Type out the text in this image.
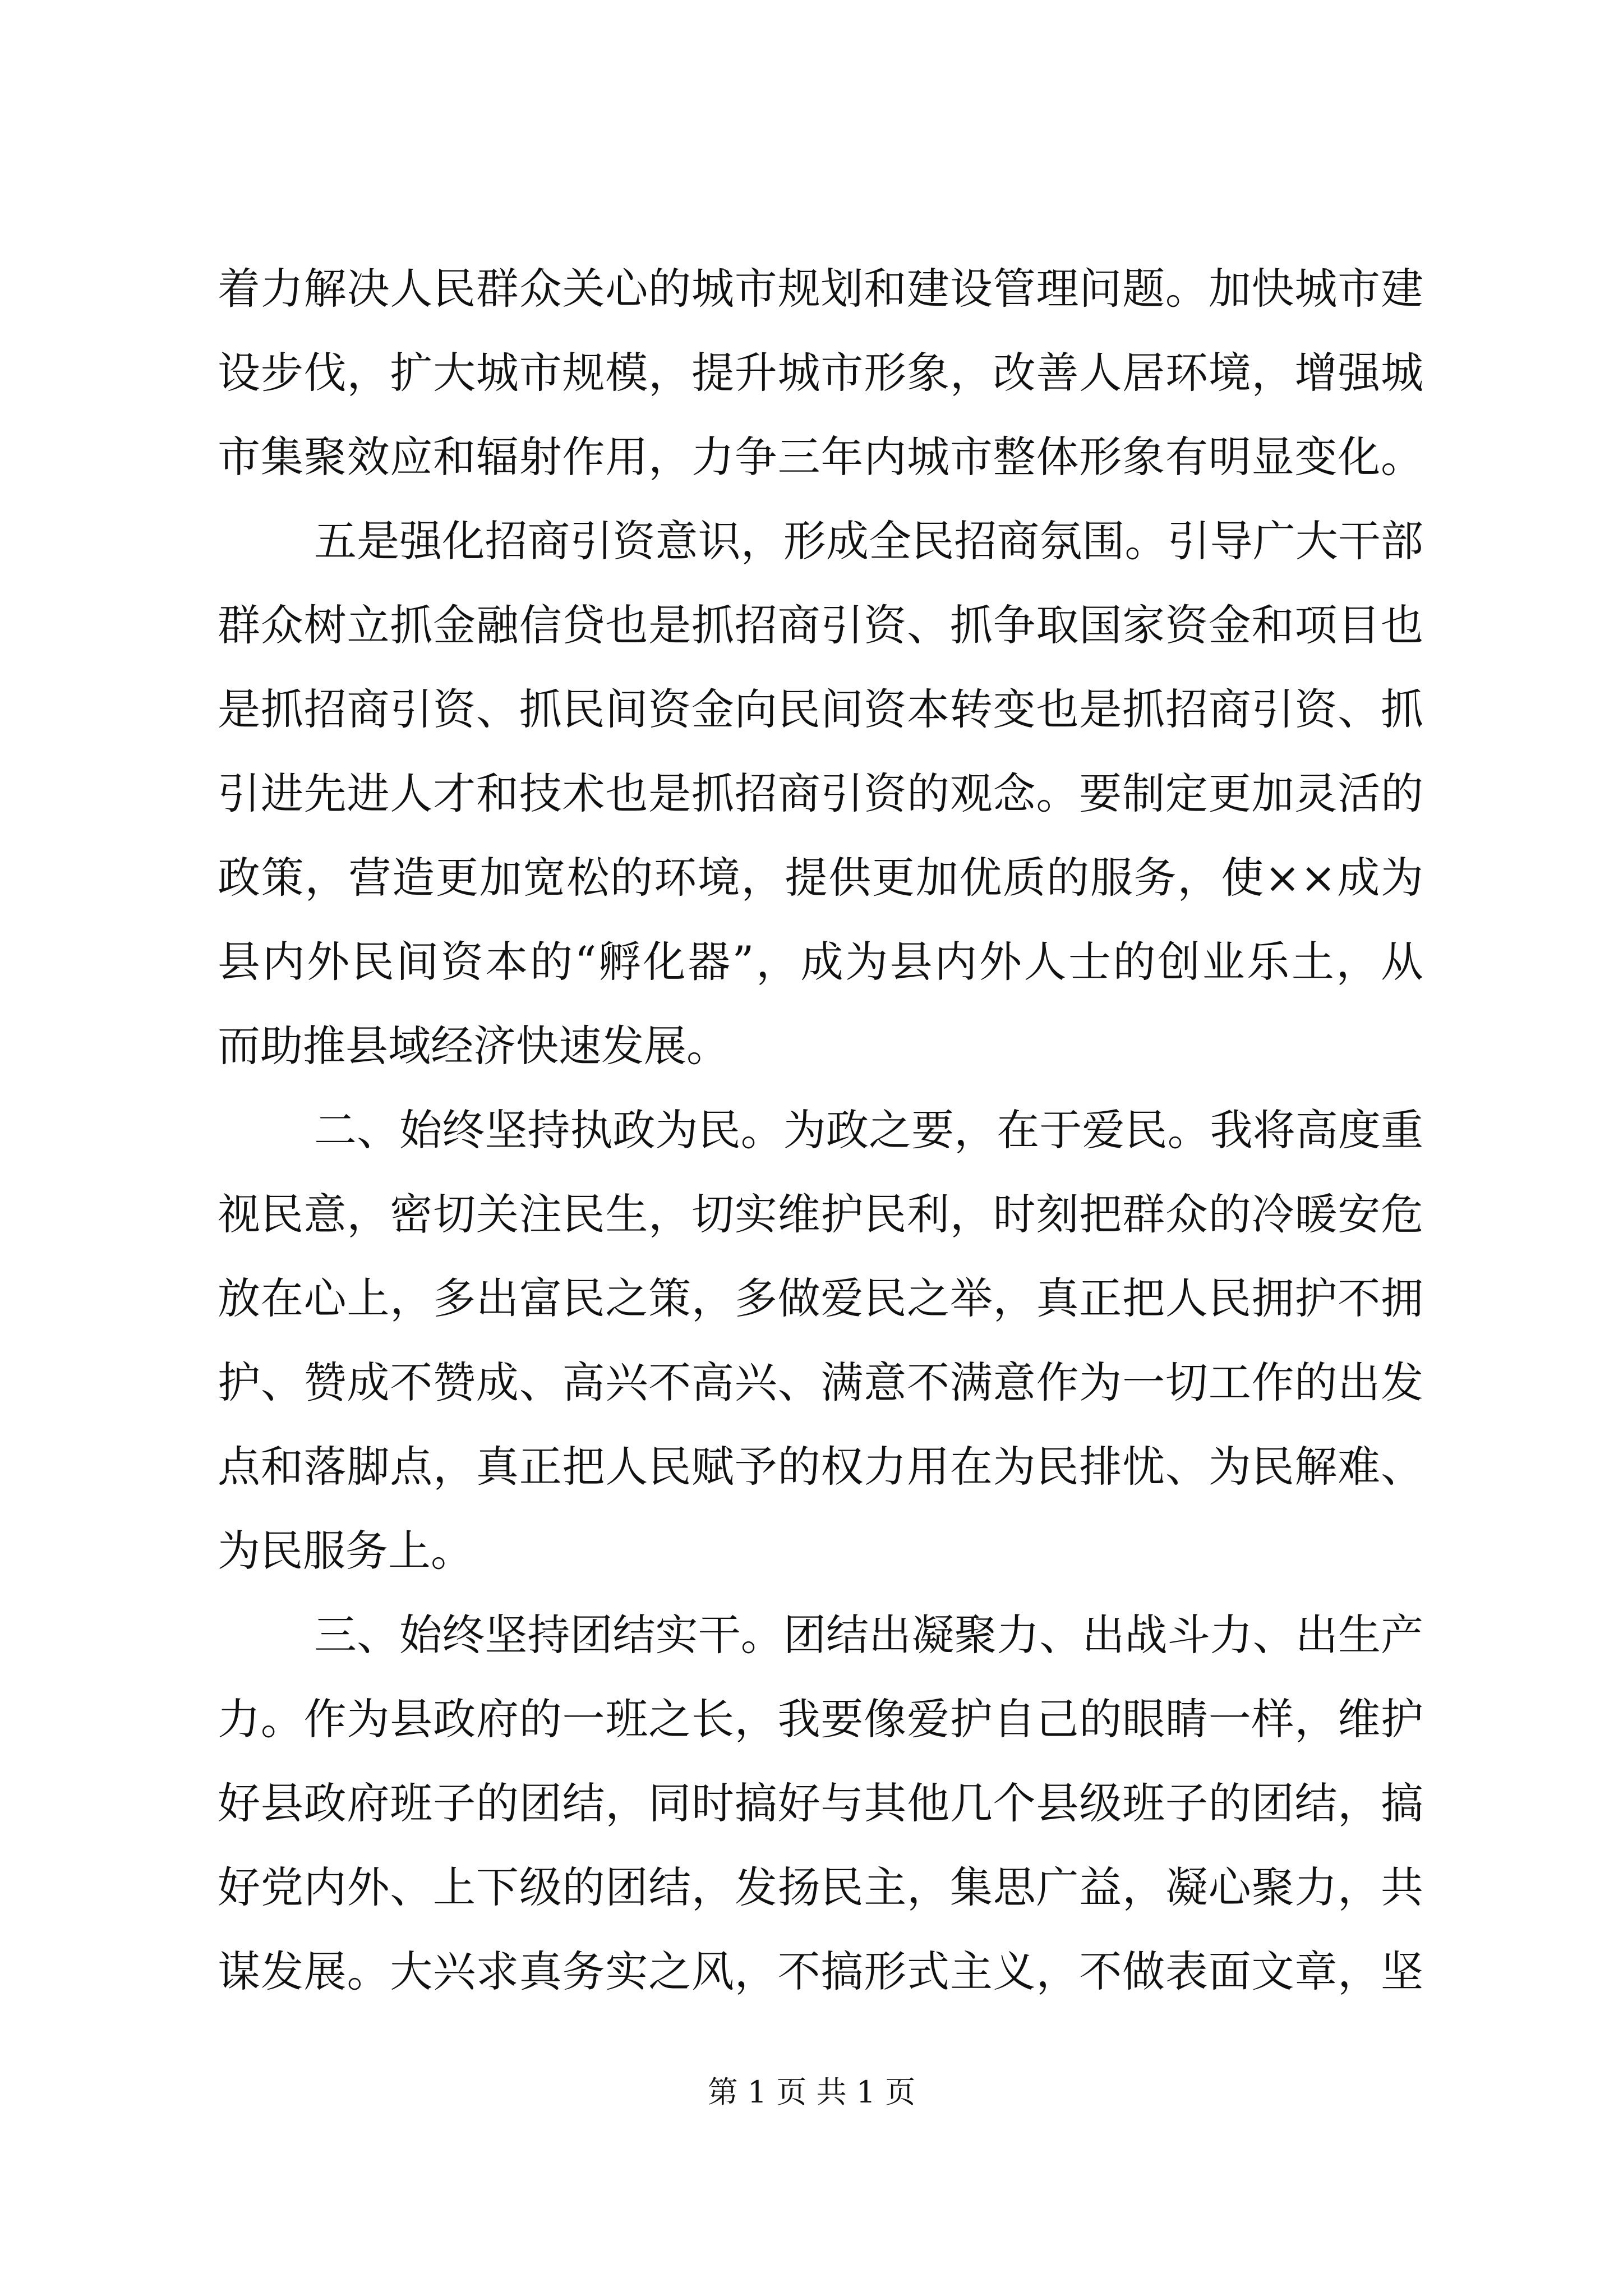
着力解决人民群众关心的城市规划和建设管理问题。加快城市建
设步伐，扩大城市规模，提升城市形象，改善人居环境，增强城
市集聚效应和辐射作用，力争三年内城市整体形象有明显变化。
五是强化招商引资意识，形成全民招商氛围。引导广大干部
群众树立抓金融信贷也是抓招商引资、抓争取国家资金和项目也
是抓招商引资、抓民间资金向民间资本转变也是抓招商引资、抓
引进先进人才和技术也是抓招商引资的观念。要制定更加灵活的
政策，营造更加宽松的环境，提供更加优质的服务，使××成为
县内外民间资本的“孵化器”，成为县内外人士的创业乐土，从
而助推县域经济快速发展。
二、始终坚持执政为民。为政之要，在于爱民。我将高度重
视民意，密切关注民生，切实维护民利，时刻把群众的冷暖安危
放在心上，多出富民之策，多做爱民之举，真正把人民拥护不拥
护、赞成不赞成、高兴不高兴、满意不满意作为一切工作的出发
点和落脚点，真正把人民赋予的权力用在为民排忧、为民解难、
为民服务上。
三、始终坚持团结实干。团结出凝聚力、出战斗力、出生产
力。作为县政府的一班之长，我要像爱护自己的眼睛一样，维护
好县政府班子的团结，同时搞好与其他几个县级班子的团结，搞
好党内外、上下级的团结，发扬民主，集思广益，凝心聚力，共
谋发展。大兴求真务实之风，不搞形式主义，不做表面文章，坚
第 1 页 共 1 页
